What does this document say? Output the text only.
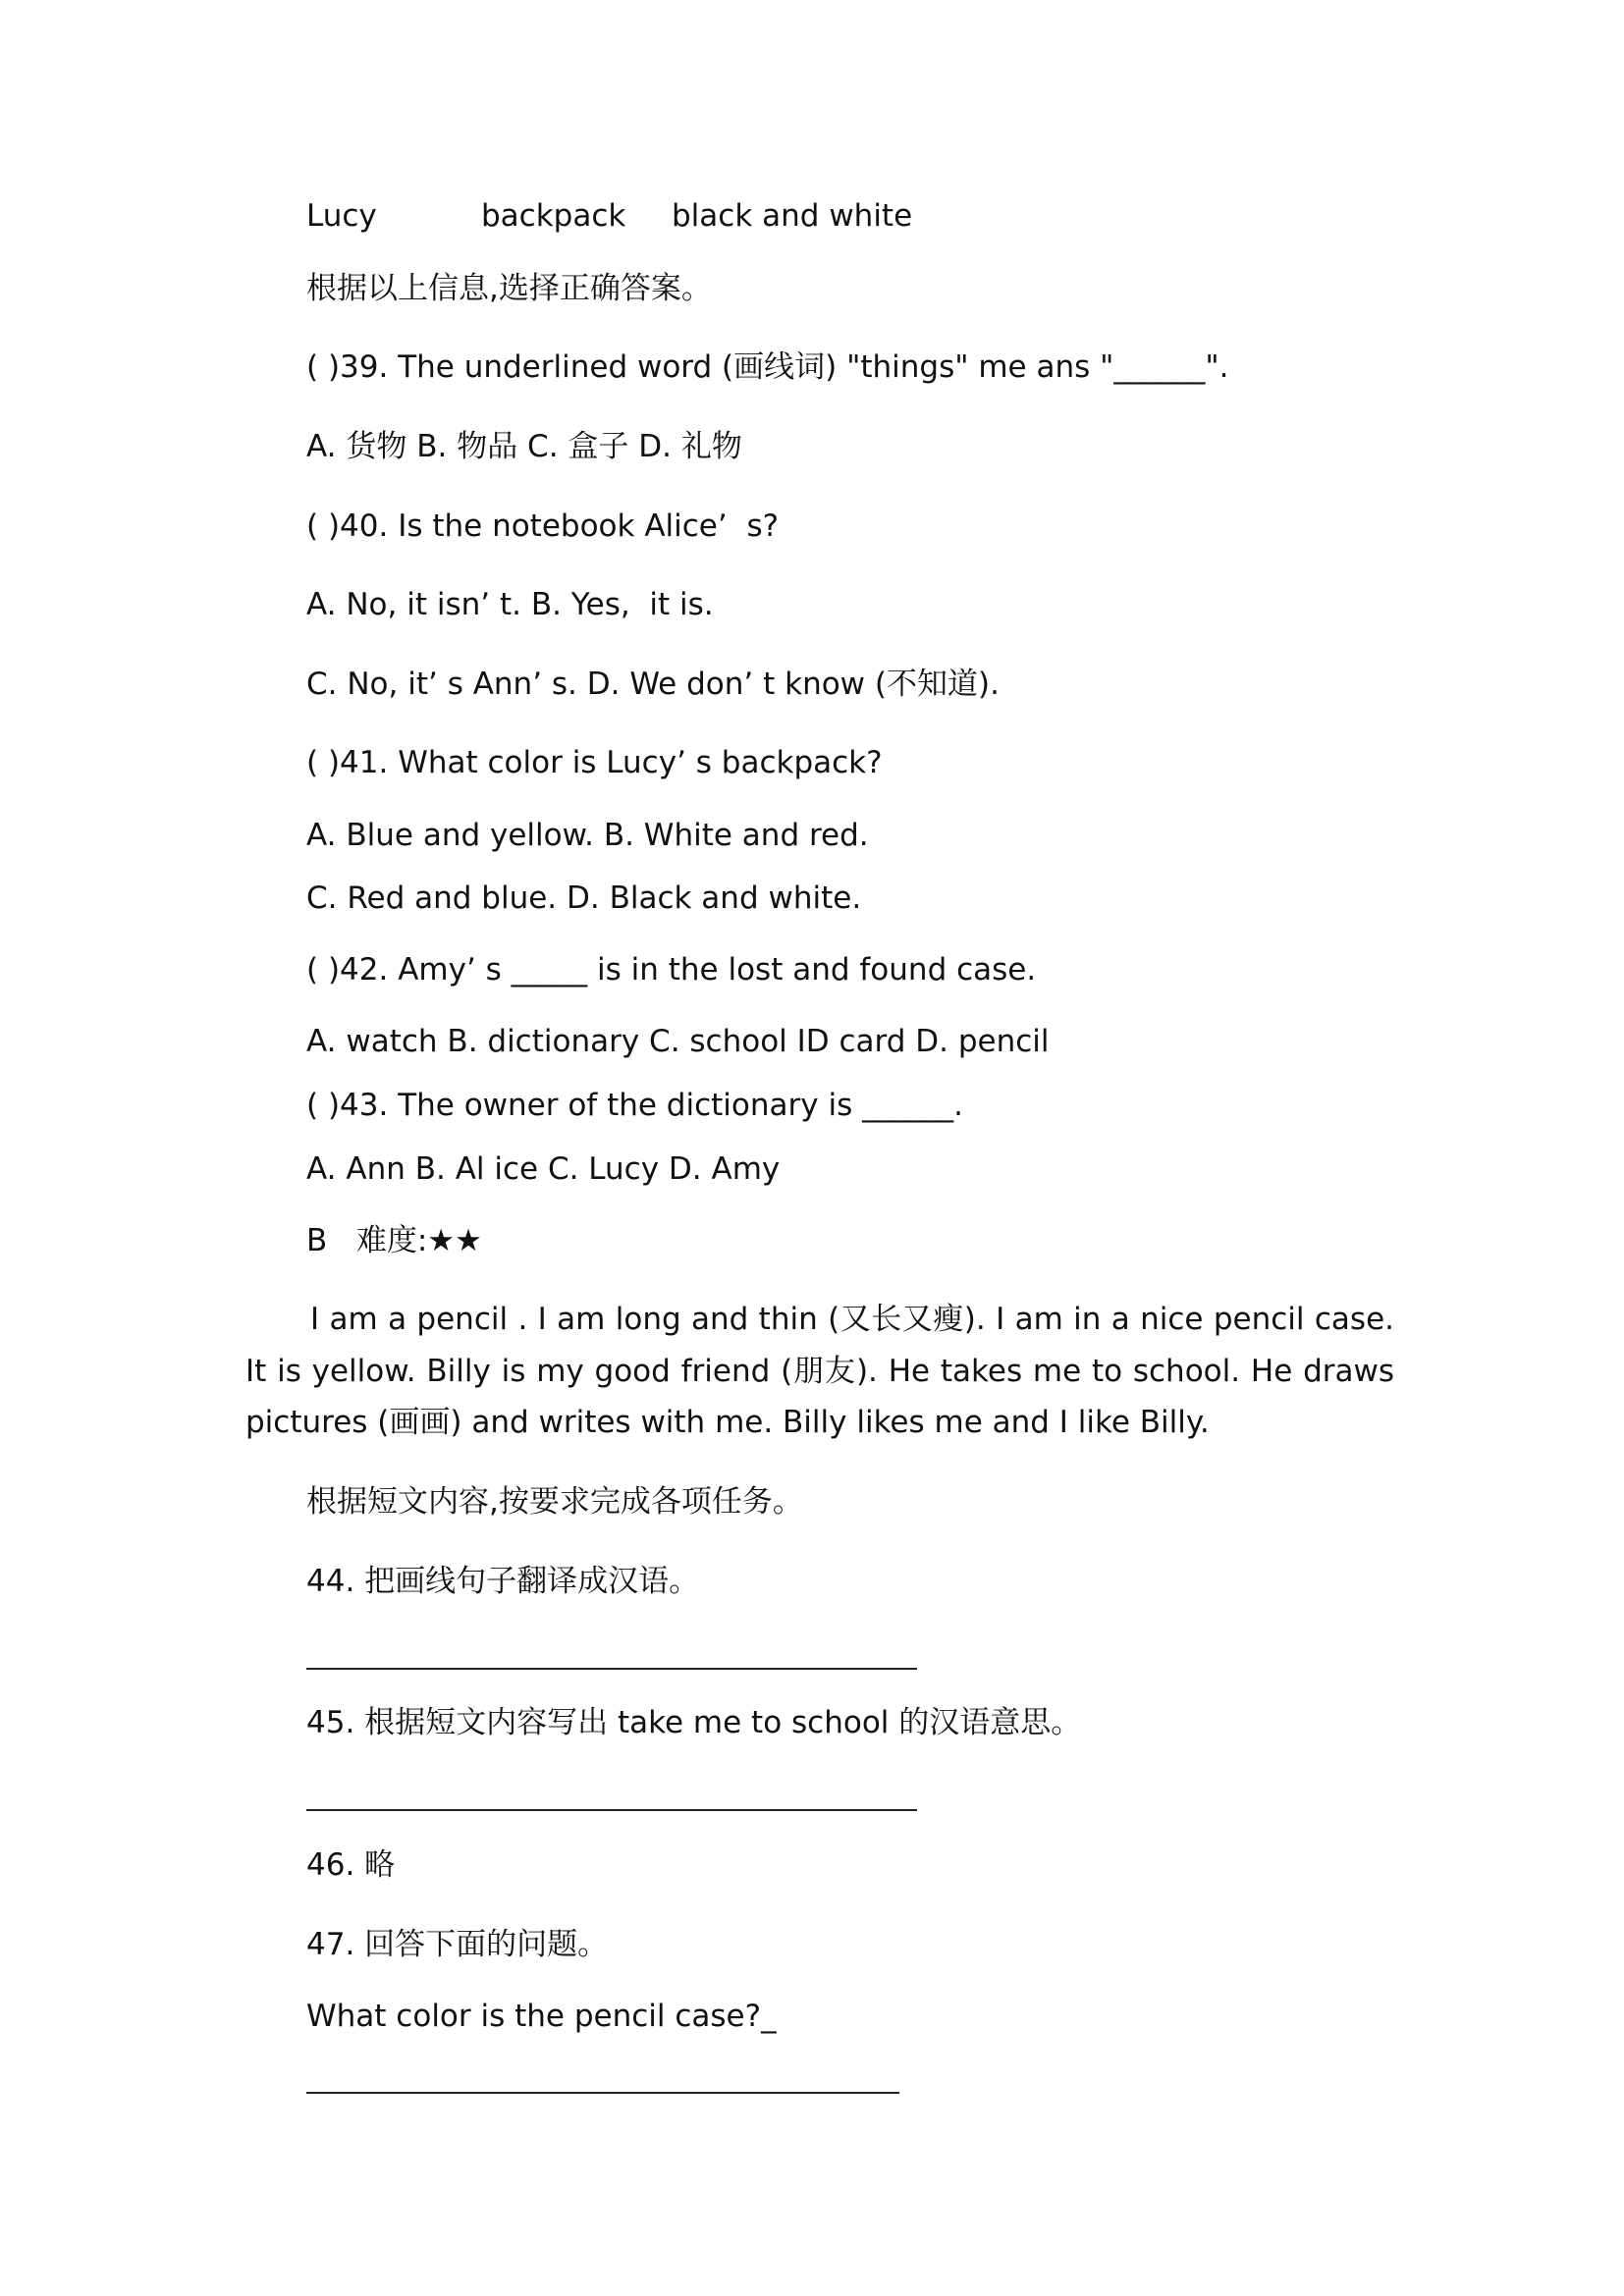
Lucy

	backpack

black and white

根据以上信息,选择正确答案。

( )39. The underlined word (画线词) "things" me ans "______".

A. 货物 B. 物品 C. 盒子 D. 礼物

( )40. Is the notebook Alice’  s?

A. No, it isn’ t. B. Yes,  it is.

C. No, it’ s Ann’ s. D. We don’ t know (不知道).

( )41. What color is Lucy’ s backpack?

A. Blue and yellow. B. White and red.

C. Red and blue. D. Black and white.

( )42. Amy’ s _____ is in the lost and found case.

A. watch B. dictionary C. school ID card D. pencil

( )43. The owner of the dictionary is ______.

A. Ann B. Al ice C. Lucy D. Amy

B 难度:★★

I am a pencil . I am long and thin (又长又瘦). I am in a nice pencil case. It is yellow. Billy is my good friend (朋友). He takes me to school. He draws pictures (画画) and writes with me. Billy likes me and I like Billy.

根据短文内容,按要求完成各项任务。

44. 把画线句子翻译成汉语。

45. 根据短文内容写出 take me to school 的汉语意思。

46. 略

47. 回答下面的问题。

What color is the pencil case?_
